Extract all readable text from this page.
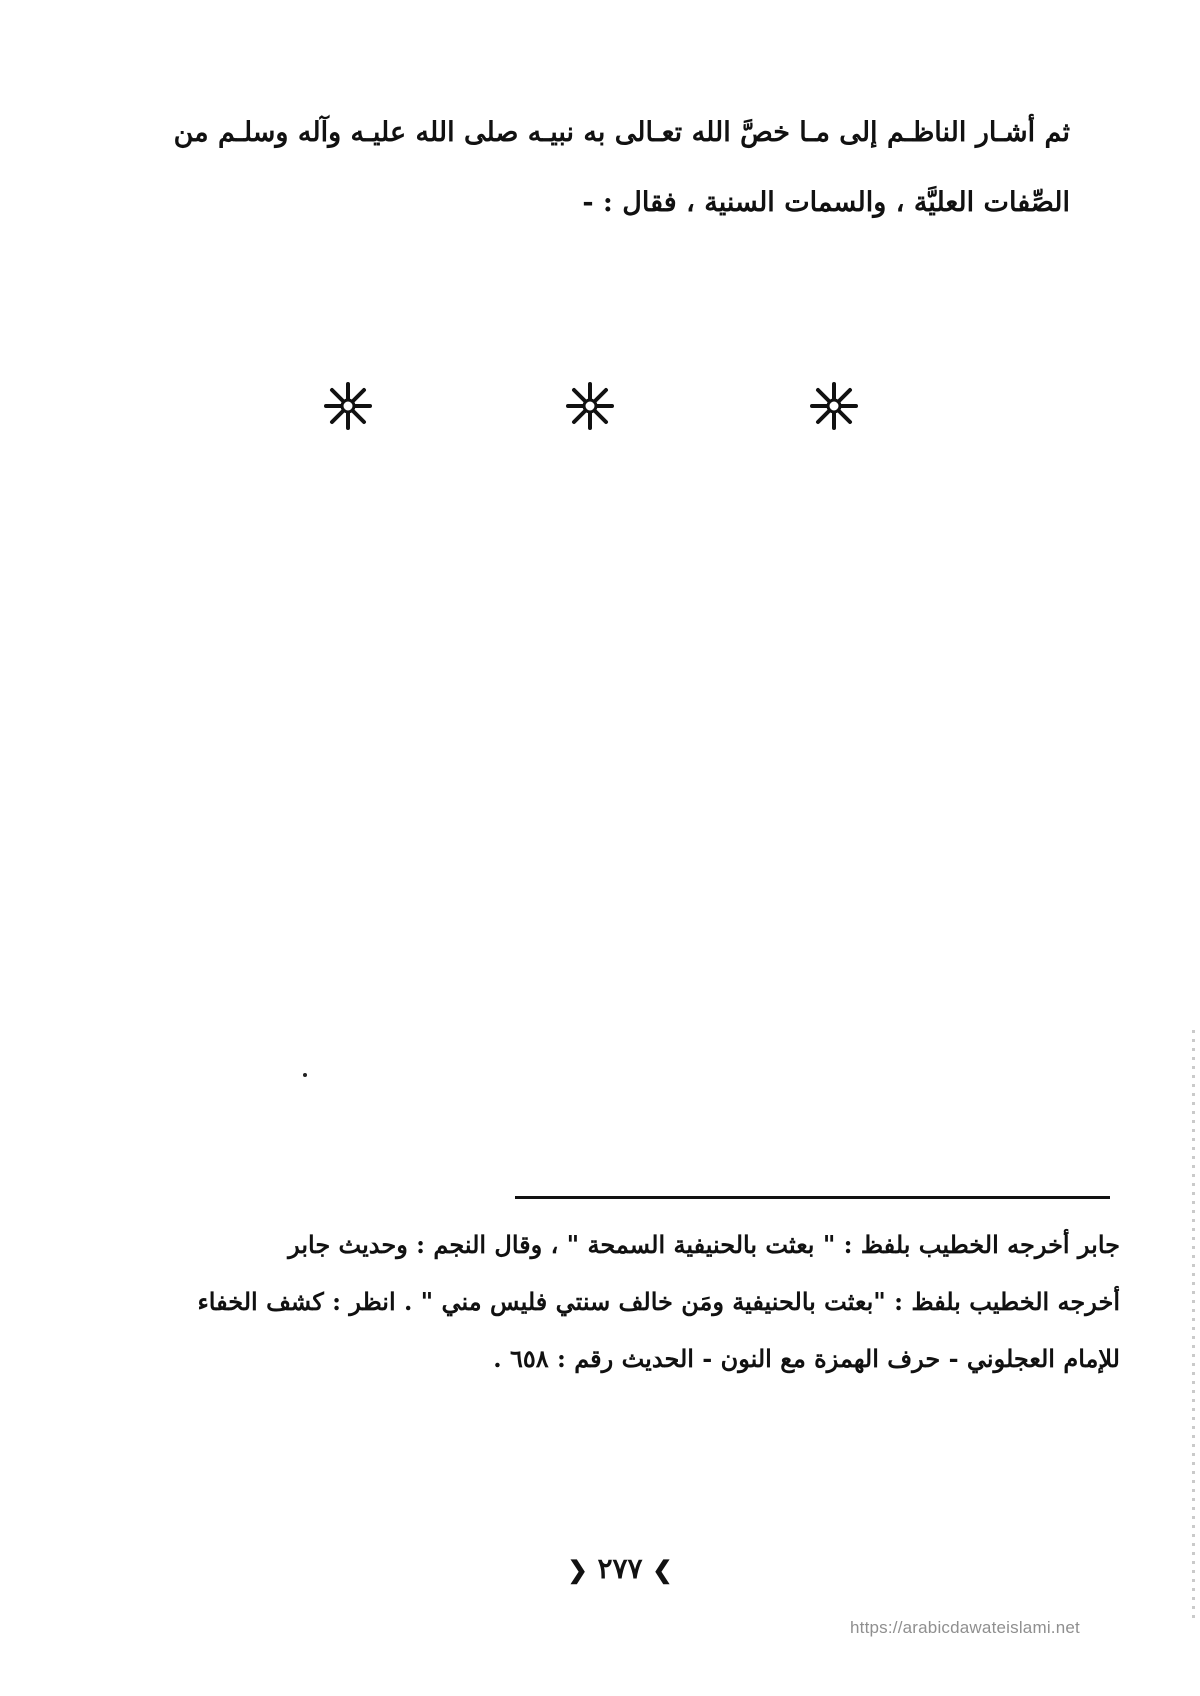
ثم أشـار الناظـم إلى مـا خصَّ الله تعـالى به نبيـه صلى الله عليـه وآله وسلـم من
الصِّفات العليَّة ، والسمات السنية ، فقال : -
جابر أخرجه الخطيب بلفظ : " بعثت بالحنيفية السمحة " ، وقال النجم : وحديث جابر
أخرجه الخطيب بلفظ : "بعثت بالحنيفية ومَن خالف سنتي فليس مني " . انظر : كشف الخفاء
للإمام العجلوني - حرف الهمزة مع النون - الحديث رقم : ٦٥٨ .
❯ ٢٧٧ ❮
https://arabicdawateislami.net
